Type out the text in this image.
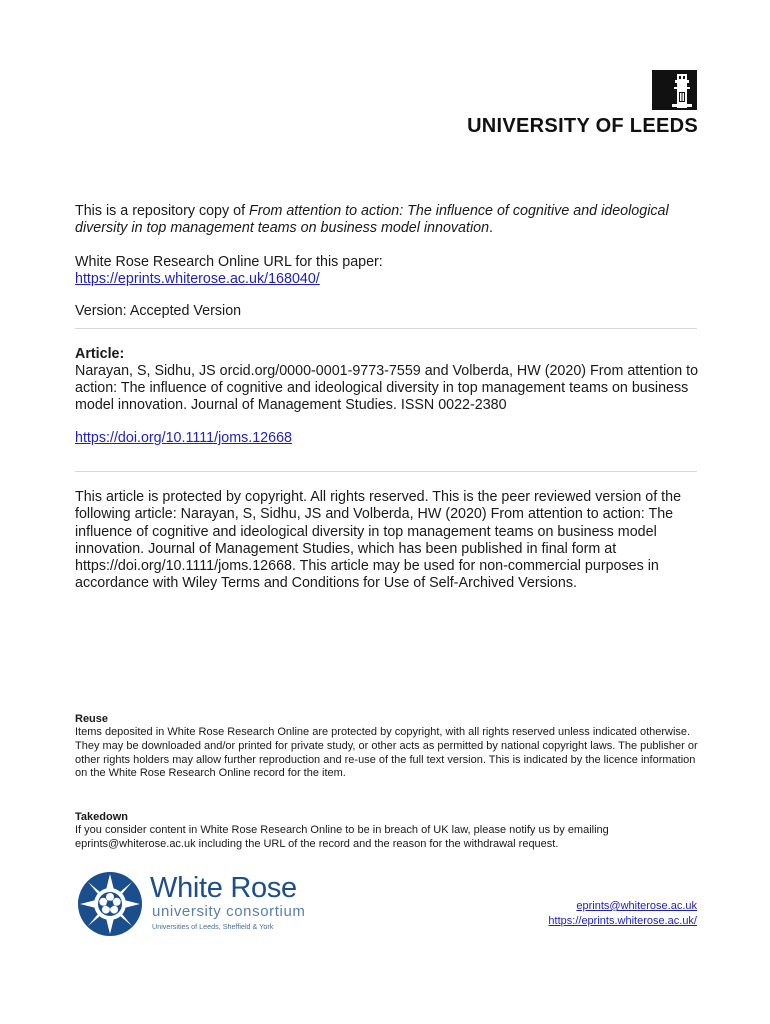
UNIVERSITY OF LEEDS
This is a repository copy of From attention to action: The influence of cognitive and ideological diversity in top management teams on business model innovation.
White Rose Research Online URL for this paper:
https://eprints.whiterose.ac.uk/168040/
Version: Accepted Version
Article:
Narayan, S, Sidhu, JS orcid.org/0000-0001-9773-7559 and Volberda, HW (2020) From attention to action: The influence of cognitive and ideological diversity in top management teams on business model innovation. Journal of Management Studies. ISSN 0022-2380
https://doi.org/10.1111/joms.12668
This article is protected by copyright. All rights reserved. This is the peer reviewed version of the following article: Narayan, S, Sidhu, JS and Volberda, HW (2020) From attention to action: The influence of cognitive and ideological diversity in top management teams on business model innovation. Journal of Management Studies, which has been published in final form at https://doi.org/10.1111/joms.12668. This article may be used for non-commercial purposes in accordance with Wiley Terms and Conditions for Use of Self-Archived Versions.
Reuse
Items deposited in White Rose Research Online are protected by copyright, with all rights reserved unless indicated otherwise. They may be downloaded and/or printed for private study, or other acts as permitted by national copyright laws. The publisher or other rights holders may allow further reproduction and re-use of the full text version. This is indicated by the licence information on the White Rose Research Online record for the item.
Takedown
If you consider content in White Rose Research Online to be in breach of UK law, please notify us by emailing eprints@whiterose.ac.uk including the URL of the record and the reason for the withdrawal request.
White Rose
university consortium
Universities of Leeds, Sheffield & York
eprints@whiterose.ac.uk
https://eprints.whiterose.ac.uk/
